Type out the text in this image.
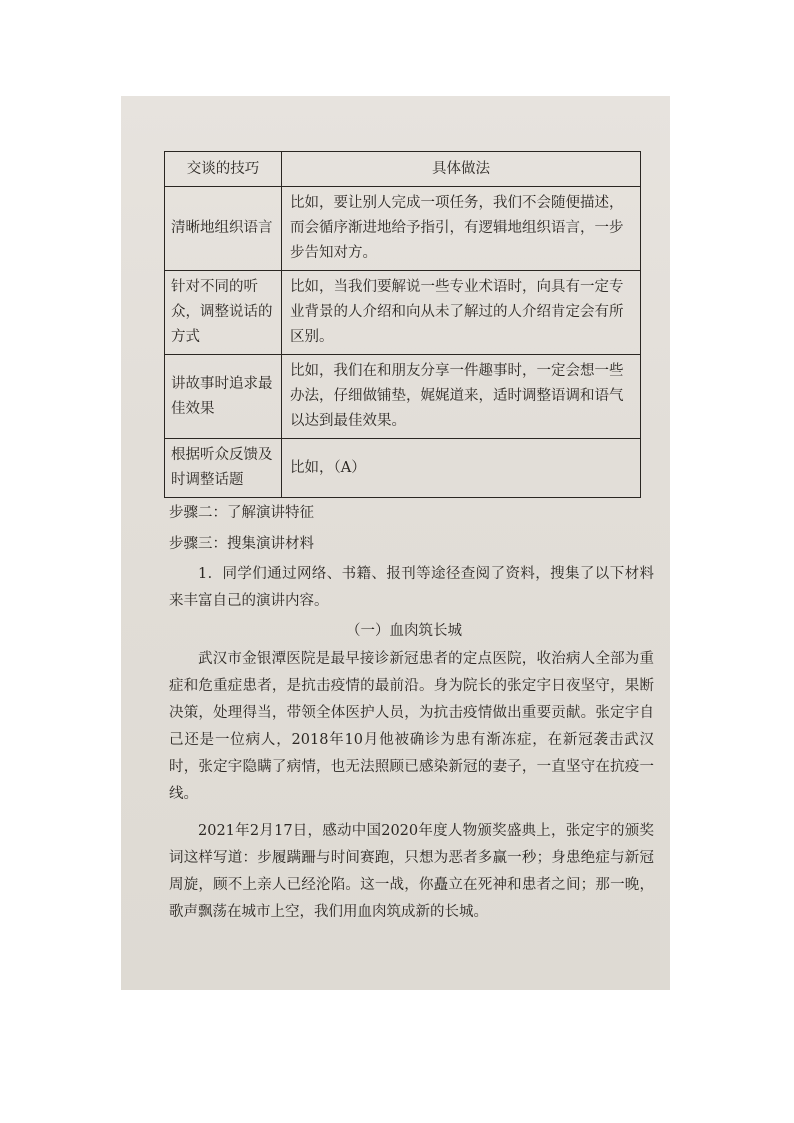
交谈的技巧	具体做法
清晰地组织语言	比如，要让别人完成一项任务，我们不会随便描述，而会循序渐进地给予指引，有逻辑地组织语言，一步步告知对方。
针对不同的听众，调整说话的方式	比如，当我们要解说一些专业术语时，向具有一定专业背景的人介绍和向从未了解过的人介绍肯定会有所区别。
讲故事时追求最佳效果	比如，我们在和朋友分享一件趣事时，一定会想一些办法，仔细做铺垫，娓娓道来，适时调整语调和语气以达到最佳效果。
根据听众反馈及时调整话题	比如，（A）
步骤二：了解演讲特征
步骤三：搜集演讲材料

1．同学们通过网络、书籍、报刊等途径查阅了资料，搜集了以下材料来丰富自己的演讲内容。

（一）血肉筑长城

武汉市金银潭医院是最早接诊新冠患者的定点医院，收治病人全部为重症和危重症患者，是抗击疫情的最前沿。身为院长的张定宇日夜坚守，果断决策，处理得当，带领全体医护人员，为抗击疫情做出重要贡献。张定宇自己还是一位病人，2018年10月他被确诊为患有渐冻症，在新冠袭击武汉时，张定宇隐瞒了病情，也无法照顾已感染新冠的妻子，一直坚守在抗疫一线。

2021年2月17日，感动中国2020年度人物颁奖盛典上，张定宇的颁奖词这样写道：步履蹒跚与时间赛跑，只想为恶者多赢一秒；身患绝症与新冠周旋，顾不上亲人已经沦陷。这一战，你矗立在死神和患者之间；那一晚，歌声飘荡在城市上空，我们用血肉筑成新的长城。
